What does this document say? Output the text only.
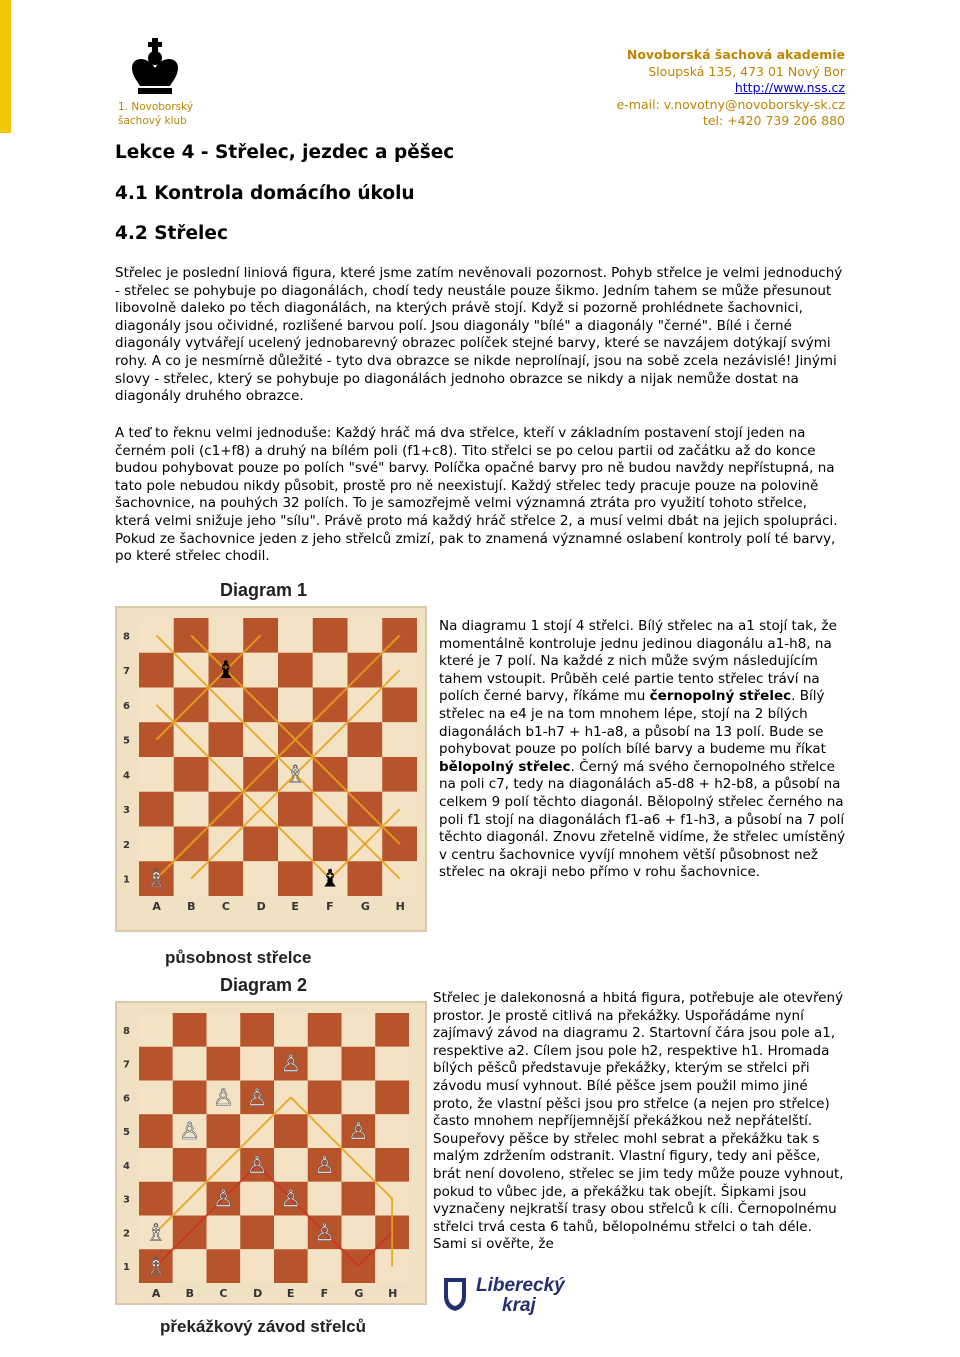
1. Novoborský
šachový klub
Novoborská šachová akademie
Sloupská 135, 473 01 Nový Bor
http://www.nss.cz
e-mail: v.novotny@novoborsky-sk.cz
tel: +420 739 206 880
Lekce 4 - Střelec, jezdec a pěšec
4.1 Kontrola domácího úkolu
4.2 Střelec

Střelec je poslední liniová figura, které jsme zatím nevěnovali pozornost. Pohyb střelce je velmi jednoduchý - střelec se pohybuje po diagonálách, chodí tedy neustále pouze šikmo. Jedním tahem se může přesunout libovolně daleko po těch diagonálách, na kterých právě stojí. Když si pozorně prohlédnete šachovnici, diagonály jsou očividné, rozlišené barvou polí. Jsou diagonály "bílé" a diagonály "černé". Bílé i černé diagonály vytvářejí ucelený jednobarevný obrazec políček stejné barvy, které se navzájem dotýkají svými rohy. A co je nesmírně důležité - tyto dva obrazce se nikde neprolínají, jsou na sobě zcela nezávislé! Jinými slovy - střelec, který se pohybuje po diagonálách jednoho obrazce se nikdy a nijak nemůže dostat na diagonály druhého obrazce.

A teď to řeknu velmi jednoduše: Každý hráč má dva střelce, kteří v základním postavení stojí jeden na černém poli (c1+f8) a druhý na bílém poli (f1+c8). Tito střelci se po celou partii od začátku až do konce budou pohybovat pouze po polích "své" barvy. Políčka opačné barvy pro ně budou navždy nepřístupná, na tato pole nebudou nikdy působit, prostě pro ně neexistují. Každý střelec tedy pracuje pouze na polovině šachovnice, na pouhých 32 polích. To je samozřejmě velmi významná ztráta pro využití tohoto střelce, která velmi snižuje jeho "sílu". Právě proto má každý hráč střelce 2, a musí velmi dbát na jejich spolupráci. Pokud ze šachovnice jeden z jeho střelců zmizí, pak to znamená významné oslabení kontroly polí té barvy, po které střelec chodil.

Diagram 1
8
7
6
5
4
3
2
1
A B C D E F G H
♗
♗
♝
♝
působnost střelce
Na diagramu 1 stojí 4 střelci. Bílý střelec na a1 stojí tak, že momentálně kontroluje jednu jedinou diagonálu a1-h8, na které je 7 polí. Na každé z nich může svým následujícím tahem vstoupit. Průběh celé partie tento střelec tráví na polích černé barvy, říkáme mu černopolný střelec. Bílý střelec na e4 je na tom mnohem lépe, stojí na 2 bílých diagonálách b1-h7 + h1-a8, a působí na 13 polí. Bude se pohybovat pouze po polích bílé barvy a budeme mu říkat bělopolný střelec. Černý má svého černopolného střelce na poli c7, tedy na diagonálách a5-d8 + h2-b8, a působí na celkem 9 polí těchto diagonál. Bělopolný střelec černého na poli f1 stojí na diagonálách f1-a6 + f1-h3, a působí na 7 polí těchto diagonál. Znovu zřetelně vidíme, že střelec umístěný v centru šachovnice vyvíjí mnohem větší působnost než střelec na okraji nebo přímo v rohu šachovnice.
Diagram 2
8
7
6
5
4
3
2
1
A B C D E F G H
♗
♗
♙
♙
♙
♙
♙
♙
♙
♙
♙
♙
překážkový závod střelců
Střelec je dalekonosná a hbitá figura, potřebuje ale otevřený prostor. Je prostě citlivá na překážky. Uspořádáme nyní zajímavý závod na diagramu 2. Startovní čára jsou pole a1, respektive a2. Cílem jsou pole h2, respektive h1. Hromada bílých pěšců představuje překážky, kterým se střelci při závodu musí vyhnout. Bílé pěšce jsem použil mimo jiné proto, že vlastní pěšci jsou pro střelce (a nejen pro střelce) často mnohem nepříjemnější překážkou než nepřátelští. Soupeřovy pěšce by střelec mohl sebrat a překážku tak s malým zdržením odstranit. Vlastní figury, tedy ani pěšce, brát není dovoleno, střelec se jim tedy může pouze vyhnout, pokud to vůbec jde, a překážku tak obejít. Šipkami jsou vyznačeny nejkratší trasy obou střelců k cíli. Černopolnému střelci trvá cesta 6 tahů, bělopolnému střelci o tah déle. Sami si ověřte, že
Liberecký
kraj
